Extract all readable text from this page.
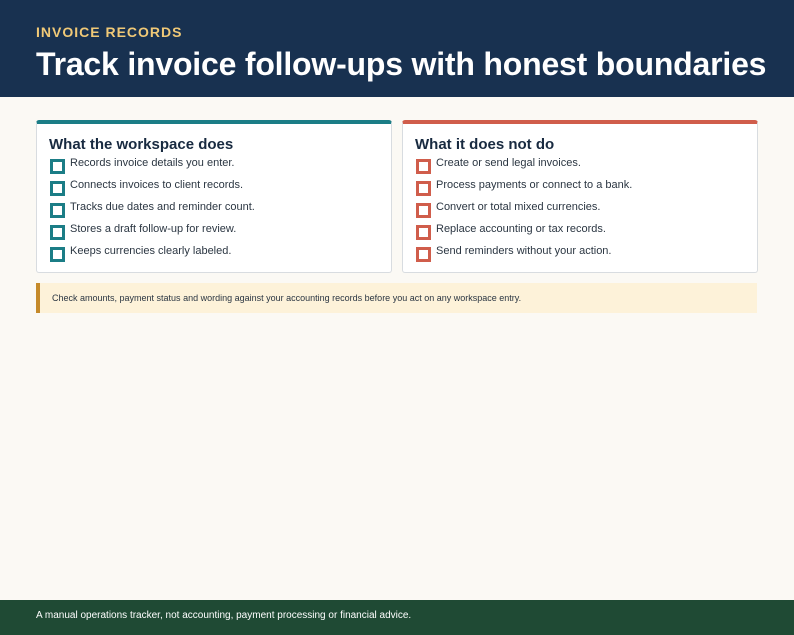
INVOICE RECORDS
Track invoice follow-ups with honest boundaries
What the workspace does
Records invoice details you enter.
Connects invoices to client records.
Tracks due dates and reminder count.
Stores a draft follow-up for review.
Keeps currencies clearly labeled.
What it does not do
Create or send legal invoices.
Process payments or connect to a bank.
Convert or total mixed currencies.
Replace accounting or tax records.
Send reminders without your action.
Check amounts, payment status and wording against your accounting records before you act on any workspace entry.
A manual operations tracker, not accounting, payment processing or financial advice.
